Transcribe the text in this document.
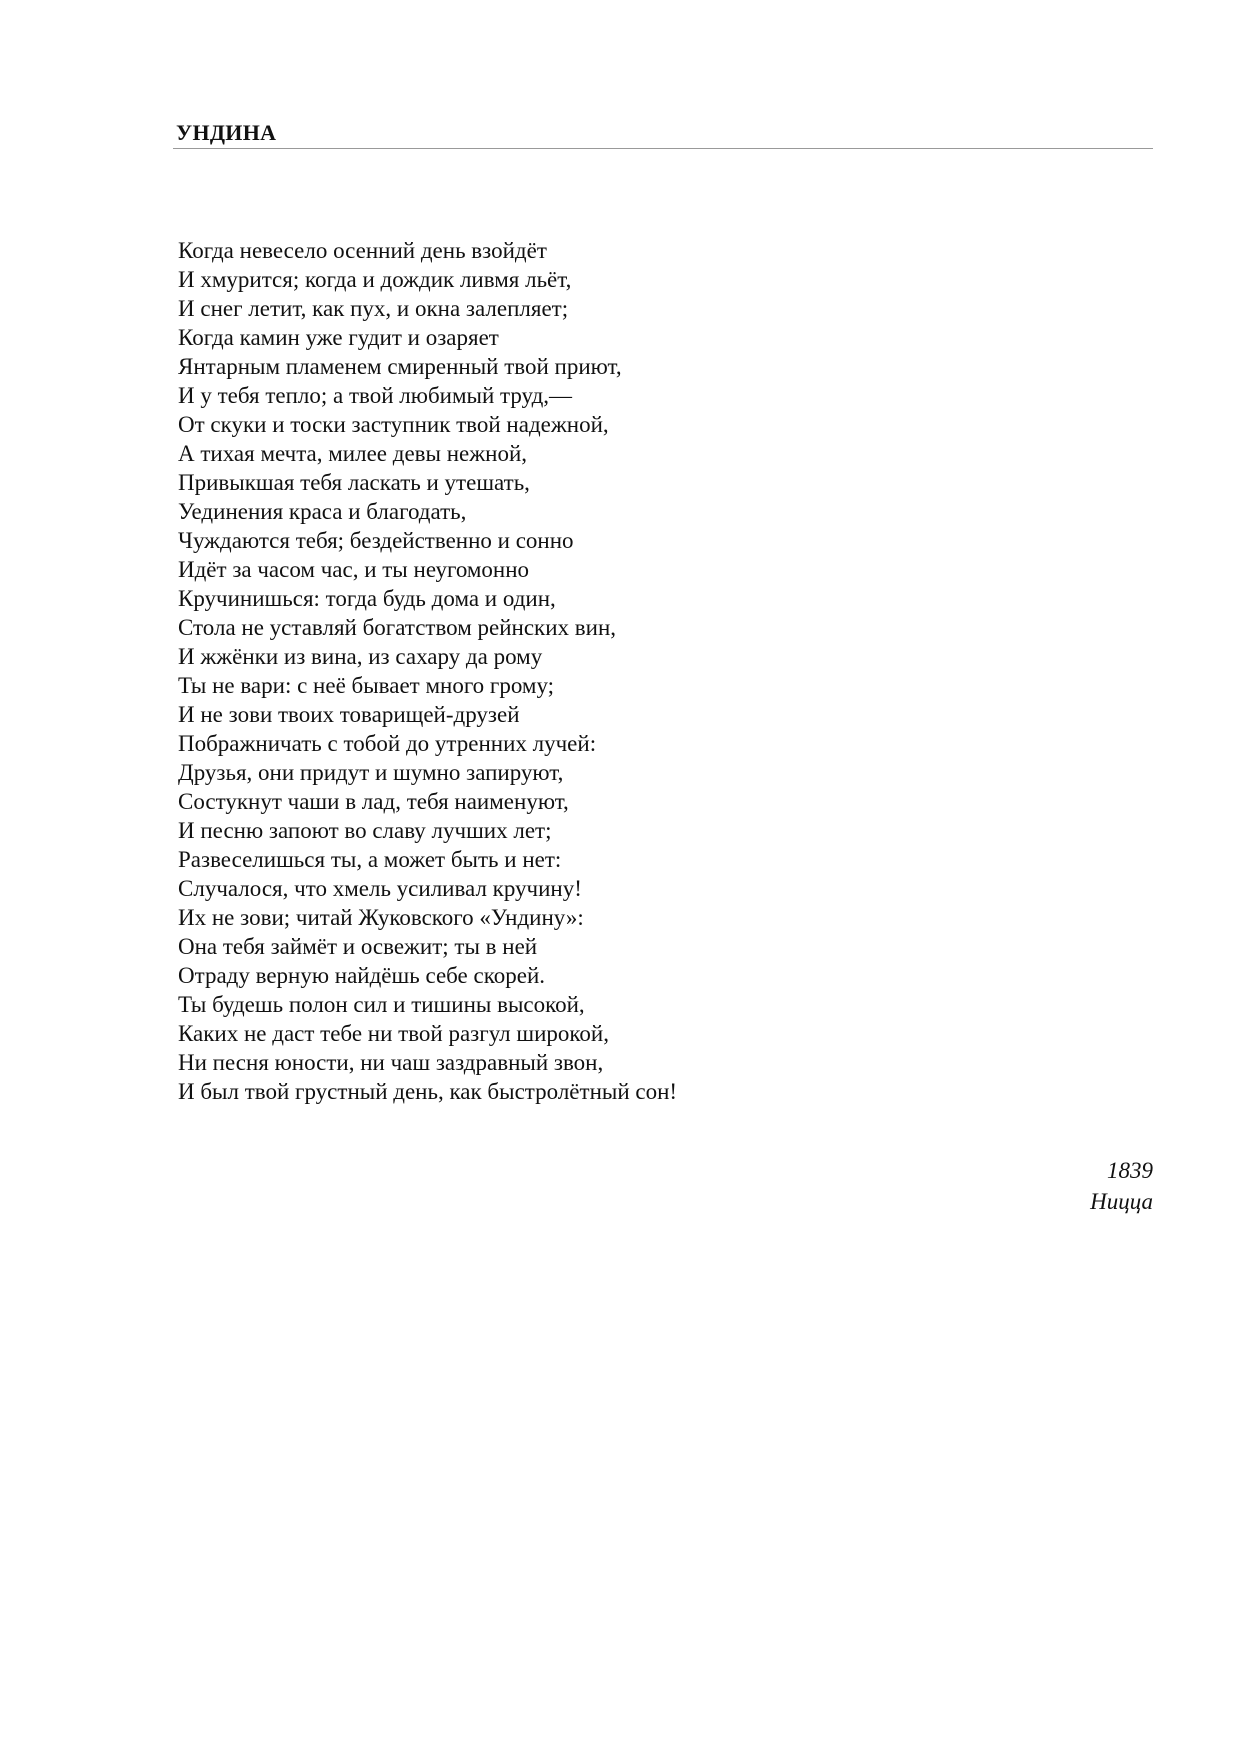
УНДИНА
Когда невесело осенний день взойдёт
И хмурится; когда и дождик ливмя льёт,
И снег летит, как пух, и окна залепляет;
Когда камин уже гудит и озаряет
Янтарным пламенем смиренный твой приют,
И у тебя тепло; а твой любимый труд,—
От скуки и тоски заступник твой надежной,
А тихая мечта, милее девы нежной,
Привыкшая тебя ласкать и утешать,
Уединения краса и благодать,
Чуждаются тебя; бездейственно и сонно
Идёт за часом час, и ты неугомонно
Кручинишься: тогда будь дома и один,
Стола не уставляй богатством рейнских вин,
И жжёнки из вина, из сахару да рому
Ты не вари: с неё бывает много грому;
И не зови твоих товарищей-друзей
Пображничать с тобой до утренних лучей:
Друзья, они придут и шумно запируют,
Состукнут чаши в лад, тебя наименуют,
И песню запоют во славу лучших лет;
Развеселишься ты, а может быть и нет:
Случалося, что хмель усиливал кручину!
Их не зови; читай Жуковского «Ундину»:
Она тебя займёт и освежит; ты в ней
Отраду верную найдёшь себе скорей.
Ты будешь полон сил и тишины высокой,
Каких не даст тебе ни твой разгул широкой,
Ни песня юности, ни чаш заздравный звон,
И был твой грустный день, как быстролётный сон!
1839
Ницца
